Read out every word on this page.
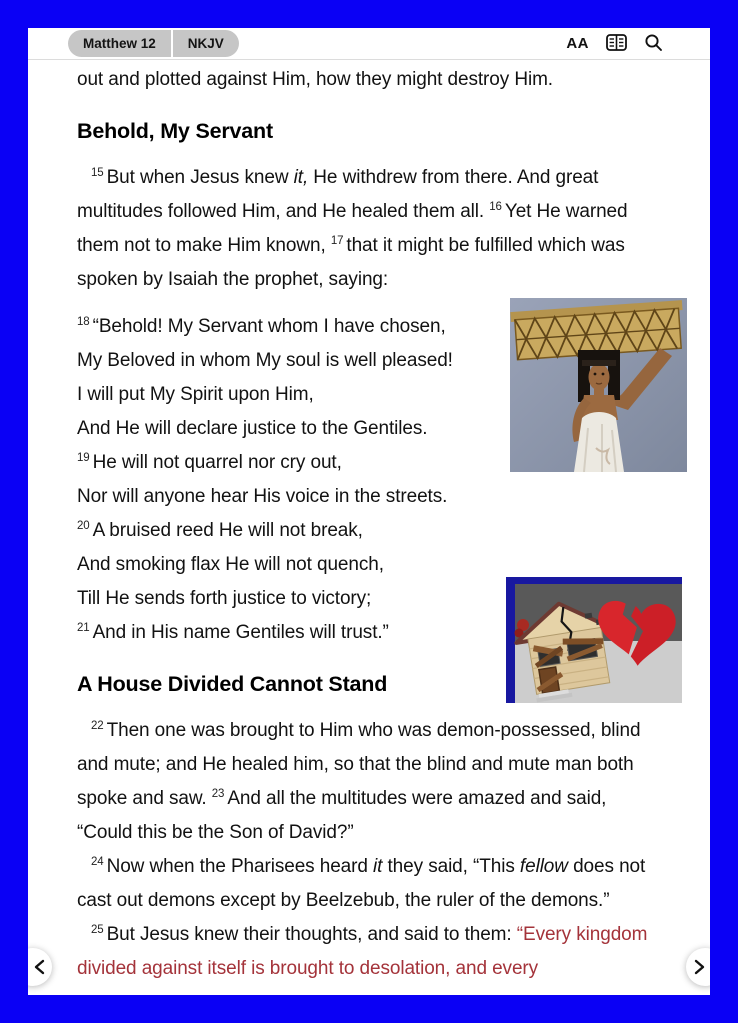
Matthew 12	NKJV	AA

out and plotted against Him, how they might destroy Him.

Behold, My Servant

$^{15}$ But when Jesus knew it, He withdrew from there. And great multitudes followed Him, and He healed them all. $^{16}$ Yet He warned them not to make Him known, $^{17}$ that it might be fulfilled which was spoken by Isaiah the prophet, saying:

$^{18}$ “Behold! My Servant whom I have chosen,
My Beloved in whom My soul is well pleased!
I will put My Spirit upon Him,
And He will declare justice to the Gentiles.
$^{19}$ He will not quarrel nor cry out,
Nor will anyone hear His voice in the streets.
$^{20}$ A bruised reed He will not break,
And smoking flax He will not quench,
Till He sends forth justice to victory;
$^{21}$ And in His name Gentiles will trust.”
A House Divided Cannot Stand

$^{22}$ Then one was brought to Him who was demon-possessed, blind and mute; and He healed him, so that the blind and mute man both spoke and saw. $^{23}$ And all the multitudes were amazed and said, “Could this be the Son of David?”

$^{24}$ Now when the Pharisees heard it they said, “This fellow does not cast out demons except by Beelzebub, the ruler of the demons.”

$^{25}$ But Jesus knew their thoughts, and said to them: “Every kingdom divided against itself is brought to desolation, and every
